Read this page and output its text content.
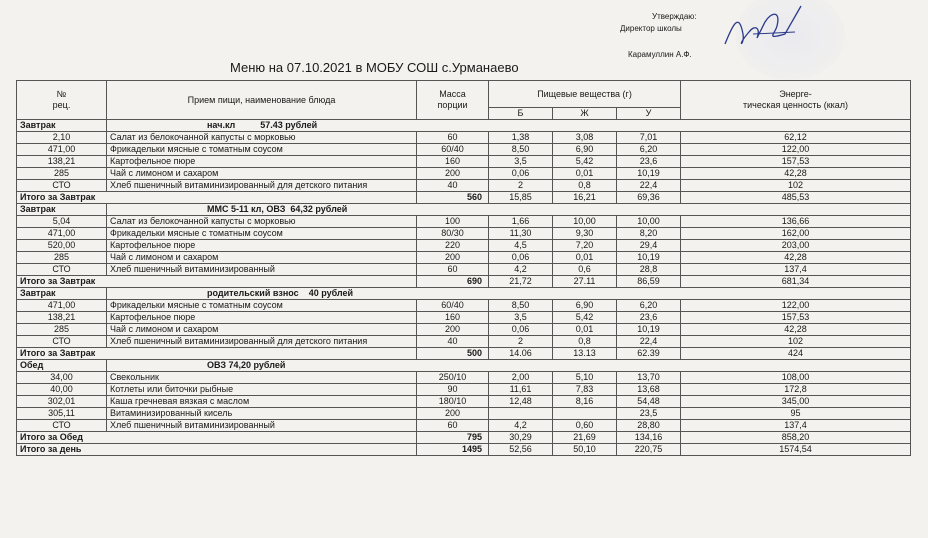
Утверждаю:
Директор школы
Карамуллин А.Ф.
Меню на 07.10.2021 в МОБУ СОШ с.Урманаево
№
рец.	Прием пищи, наименование блюда	Масса
порции	Пищевые вещества (г)			Энерге-
тическая ценность (ккал)
			Б	Ж	У	
Завтрак	нач.кл          57.43 рублей					
2,10	Салат из белокочанной капусты с морковью	60	1,38	3,08	7,01	62,12
471,00	Фрикадельки мясные с томатным соусом	60/40	8,50	6,90	6,20	122,00
138,21	Картофельное пюре	160	3,5	5,42	23,6	157,53
285	Чай с лимоном и сахаром	200	0,06	0,01	10,19	42,28
СТО	Хлеб пшеничный витаминизированный для детского питания	40	2	0,8	22,4	102
Итого за Завтрак		560	15,85	16,21	69,36	485,53
Завтрак	ММС 5-11 кл, ОВЗ  64,32 рублей					
5,04	Салат из белокочанной капусты с морковью	100	1,66	10,00	10,00	136,66
471,00	Фрикадельки мясные с томатным соусом	80/30	11,30	9,30	8,20	162,00
520,00	Картофельное пюре	220	4,5	7,20	29,4	203,00
285	Чай с лимоном и сахаром	200	0,06	0,01	10,19	42,28
СТО	Хлеб пшеничный витаминизированный	60	4,2	0,6	28,8	137,4
Итого за Завтрак		690	21,72	27.11	86,59	681,34
Завтрак	родительский взнос    40 рублей					
471,00	Фрикадельки мясные с томатным соусом	60/40	8,50	6,90	6,20	122,00
138,21	Картофельное пюре	160	3,5	5,42	23,6	157,53
285	Чай с лимоном и сахаром	200	0,06	0,01	10,19	42,28
СТО	Хлеб пшеничный витаминизированный для детского питания	40	2	0,8	22,4	102
Итого за Завтрак		500	14.06	13.13	62.39	424
Обед	ОВЗ 74,20 рублей					
34,00	Свекольник	250/10	2,00	5,10	13,70	108,00
40,00	Котлеты или биточки рыбные	90	11,61	7,83	13,68	172,8
302,01	Каша гречневая вязкая с маслом	180/10	12,48	8,16	54,48	345,00
305,11	Витаминизированный кисель	200			23,5	95
СТО	Хлеб пшеничный витаминизированный	60	4,2	0,60	28,80	137,4
Итого за Обед		795	30,29	21,69	134,16	858,20
Итого за день		1495	52,56	50,10	220,75	1574,54
